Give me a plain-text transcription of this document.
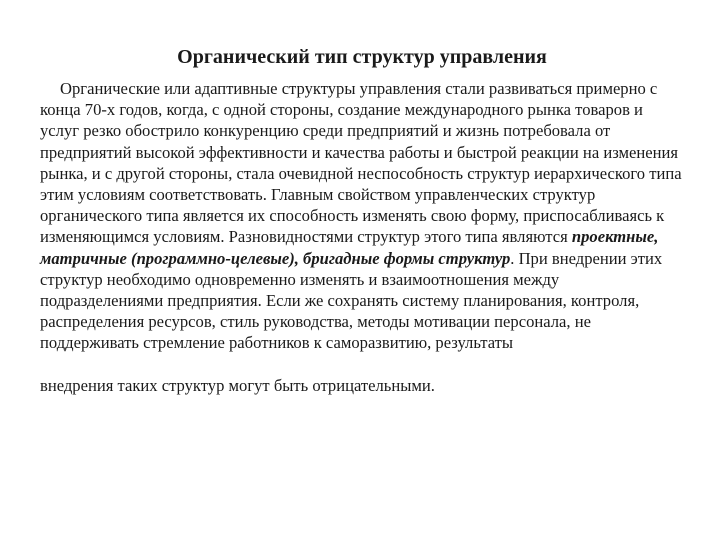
Органический тип структур управления

Органические или адаптивные структуры управления стали развиваться примерно с конца 70-х годов, когда, с одной стороны, создание международного рынка товаров и услуг резко обострило конкуренцию среди предприятий и жизнь потребовала от предприятий высокой эффективности и качества работы и быстрой реакции на изменения рынка, и с другой стороны, стала очевидной неспособность структур иерархического типа этим условиям соответствовать. Главным свойством управленческих структур органического типа является их способность изменять свою форму, приспосабливаясь к изменяющимся условиям. Разновидностями структур этого типа являются проектные, матричные (программно-целевые), бригадные формы структур. При внедрении этих структур необходимо одновременно изменять и взаимоотношения между подразделениями предприятия. Если же сохранять систему планирования, контроля, распределения ресурсов, стиль руководства, методы мотивации персонала, не поддерживать стремление работников к саморазвитию, результаты

внедрения таких структур могут быть отрицательными.
